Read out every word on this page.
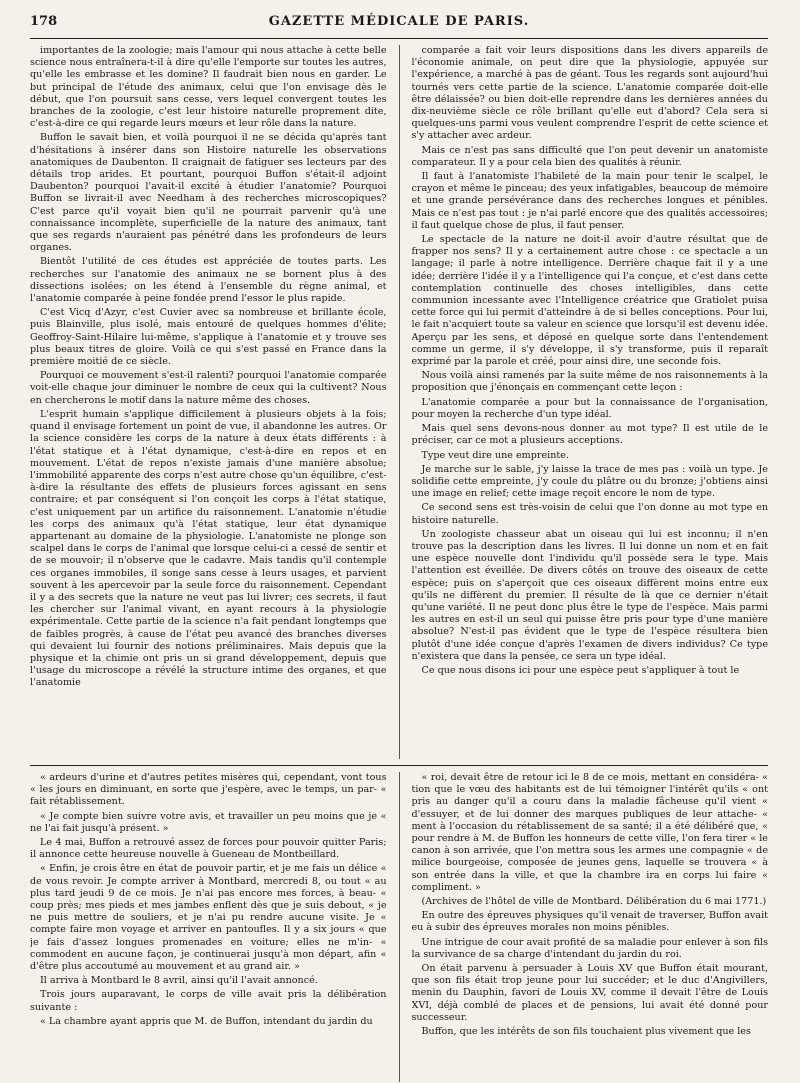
178	GAZETTE MÉDICALE DE PARIS.

importantes de la zoologie; mais l'amour qui nous attache à cette belle science nous entraînera-t-il à dire qu'elle l'emporte sur toutes les autres, qu'elle les embrasse et les domine? Il faudrait bien nous en garder. Le but principal de l'étude des animaux, celui que l'on envisage dès le début, que l'on poursuit sans cesse, vers lequel convergent toutes les branches de la zoologie, c'est leur histoire naturelle proprement dite, c'est-à-dire ce qui regarde leurs mœurs et leur rôle dans la nature.

Buffon le savait bien, et voilà pourquoi il ne se décida qu'après tant d'hésitations à insérer dans son Histoire naturelle les observations anatomiques de Daubenton. Il craignait de fatiguer ses lecteurs par des détails trop arides. Et pourtant, pourquoi Buffon s'était-il adjoint Daubenton? pourquoi l'avait-il excité à étudier l'anatomie? Pourquoi Buffon se livrait-il avec Needham à des recherches microscopiques? C'est parce qu'il voyait bien qu'il ne pourrait parvenir qu'à une connaissance incomplète, superficielle de la nature des animaux, tant que ses regards n'auraient pas pénétré dans les profondeurs de leurs organes.

Bientôt l'utilité de ces études est appréciée de toutes parts. Les recherches sur l'anatomie des animaux ne se bornent plus à des dissections isolées; on les étend à l'ensemble du règne animal, et l'anatomie comparée à peine fondée prend l'essor le plus rapide.

C'est Vicq d'Azyr, c'est Cuvier avec sa nombreuse et brillante école, puis Blainville, plus isolé, mais entouré de quelques hommes d'élite; Geoffroy-Saint-Hilaire lui-même, s'applique à l'anatomie et y trouve ses plus beaux titres de gloire. Voilà ce qui s'est passé en France dans la première moitié de ce siècle.

Pourquoi ce mouvement s'est-il ralenti? pourquoi l'anatomie comparée voit-elle chaque jour diminuer le nombre de ceux qui la cultivent? Nous en chercherons le motif dans la nature même des choses.

L'esprit humain s'applique difficilement à plusieurs objets à la fois; quand il envisage fortement un point de vue, il abandonne les autres. Or la science considère les corps de la nature à deux états différents : à l'état statique et à l'état dynamique, c'est-à-dire en repos et en mouvement. L'état de repos n'existe jamais d'une manière absolue; l'immobilité apparente des corps n'est autre chose qu'un équilibre, c'est-à-dire la résultante des effets de plusieurs forces agissant en sens contraire; et par conséquent si l'on conçoit les corps à l'état statique, c'est uniquement par un artifice du raisonnement. L'anatomie n'étudie les corps des animaux qu'à l'état statique, leur état dynamique appartenant au domaine de la physiologie. L'anatomiste ne plonge son scalpel dans le corps de l'animal que lorsque celui-ci a cessé de sentir et de se mouvoir; il n'observe que le cadavre. Mais tandis qu'il contemple ces organes immobiles, il songe sans cesse à leurs usages, et parvient souvent à les apercevoir par la seule force du raisonnement. Cependant il y a des secrets que la nature ne veut pas lui livrer; ces secrets, il faut les chercher sur l'animal vivant, en ayant recours à la physiologie expérimentale. Cette partie de la science n'a fait pendant longtemps que de faibles progrès, à cause de l'état peu avancé des branches diverses qui devaient lui fournir des notions préliminaires. Mais depuis que la physique et la chimie ont pris un si grand développement, depuis que l'usage du microscope a révélé la structure intime des organes, et que l'anatomie

comparée a fait voir leurs dispositions dans les divers appareils de l'économie animale, on peut dire que la physiologie, appuyée sur l'expérience, a marché à pas de géant. Tous les regards sont aujourd'hui tournés vers cette partie de la science. L'anatomie comparée doit-elle être délaissée? ou bien doit-elle reprendre dans les dernières années du dix-neuvième siècle ce rôle brillant qu'elle eut d'abord? Cela sera si quelques-uns parmi vous veulent comprendre l'esprit de cette science et s'y attacher avec ardeur.

Mais ce n'est pas sans difficulté que l'on peut devenir un anatomiste comparateur. Il y a pour cela bien des qualités à réunir.

Il faut à l'anatomiste l'habileté de la main pour tenir le scalpel, le crayon et même le pinceau; des yeux infatigables, beaucoup de mémoire et une grande persévérance dans des recherches longues et pénibles. Mais ce n'est pas tout : je n'ai parlé encore que des qualités accessoires; il faut quelque chose de plus, il faut penser.

Le spectacle de la nature ne doit-il avoir d'autre résultat que de frapper nos sens? Il y a certainement autre chose : ce spectacle a un langage; il parle à notre intelligence. Derrière chaque fait il y a une idée; derrière l'idée il y a l'intelligence qui l'a conçue, et c'est dans cette contemplation continuelle des choses intelligibles, dans cette communion incessante avec l'Intelligence créatrice que Gratiolet puisa cette force qui lui permit d'atteindre à de si belles conceptions. Pour lui, le fait n'acquiert toute sa valeur en science que lorsqu'il est devenu idée. Aperçu par les sens, et déposé en quelque sorte dans l'entendement comme un germe, il s'y développe, il s'y transforme, puis il reparaît exprimé par la parole et créé, pour ainsi dire, une seconde fois.

Nous voilà ainsi ramenés par la suite même de nos raisonnements à la proposition que j'énonçais en commençant cette leçon :

L'anatomie comparée a pour but la connaissance de l'organisation, pour moyen la recherche d'un type idéal.

Mais quel sens devons-nous donner au mot type? Il est utile de le préciser, car ce mot a plusieurs acceptions.

Type veut dire une empreinte.

Je marche sur le sable, j'y laisse la trace de mes pas : voilà un type. Je solidifie cette empreinte, j'y coule du plâtre ou du bronze; j'obtiens ainsi une image en relief; cette image reçoit encore le nom de type.

Ce second sens est très-voisin de celui que l'on donne au mot type en histoire naturelle.

Un zoologiste chasseur abat un oiseau qui lui est inconnu; il n'en trouve pas la description dans les livres. Il lui donne un nom et en fait une espèce nouvelle dont l'individu qu'il possède sera le type. Mais l'attention est éveillée. De divers côtés on trouve des oiseaux de cette espèce; puis on s'aperçoit que ces oiseaux diffèrent moins entre eux qu'ils ne diffèrent du premier. Il résulte de là que ce dernier n'était qu'une variété. Il ne peut donc plus être le type de l'espèce. Mais parmi les autres en est-il un seul qui puisse être pris pour type d'une manière absolue? N'est-il pas évident que le type de l'espèce résultera bien plutôt d'une idée conçue d'après l'examen de divers individus? Ce type n'existera que dans la pensée, ce sera un type idéal.

Ce que nous disons ici pour une espèce peut s'appliquer à tout le

« ardeurs d'urine et d'autres petites misères qui, cependant, vont tous « les jours en diminuant, en sorte que j'espère, avec le temps, un par- « fait rétablissement.

« Je compte bien suivre votre avis, et travailler un peu moins que je « ne l'ai fait jusqu'à présent. »

Le 4 mai, Buffon a retrouvé assez de forces pour pouvoir quitter Paris; il annonce cette heureuse nouvelle à Gueneau de Montbeillard.

« Enfin, je crois être en état de pouvoir partir, et je me fais un délice « de vous revoir. Je compte arriver à Montbard, mercredi 8, ou tout « au plus tard jeudi 9 de ce mois. Je n'ai pas encore mes forces, à beau- « coup près; mes pieds et mes jambes enflent dès que je suis debout, « je ne puis mettre de souliers, et je n'ai pu rendre aucune visite. Je « compte faire mon voyage et arriver en pantoufles. Il y a six jours « que je fais d'assez longues promenades en voiture; elles ne m'in- « commodent en aucune façon, je continuerai jusqu'à mon départ, afin « d'être plus accoutumé au mouvement et au grand air. »

Il arriva à Montbard le 8 avril, ainsi qu'il l'avait annoncé.

Trois jours auparavant, le corps de ville avait pris la délibération suivante :

« La chambre ayant appris que M. de Buffon, intendant du jardin du

« roi, devait être de retour ici le 8 de ce mois, mettant en considéra- « tion que le vœu des habitants est de lui témoigner l'intérêt qu'ils « ont pris au danger qu'il a couru dans la maladie fâcheuse qu'il vient « d'essuyer, et de lui donner des marques publiques de leur attache- « ment à l'occasion du rétablissement de sa santé; il a été délibéré que, « pour rendre à M. de Buffon les honneurs de cette ville, l'on fera tirer « le canon à son arrivée, que l'on mettra sous les armes une compagnie « de milice bourgeoise, composée de jeunes gens, laquelle se trouvera « à son entrée dans la ville, et que la chambre ira en corps lui faire « compliment. »

(Archives de l'hôtel de ville de Montbard. Délibération du 6 mai 1771.)

En outre des épreuves physiques qu'il venait de traverser, Buffon avait eu à subir des épreuves morales non moins pénibles.

Une intrigue de cour avait profité de sa maladie pour enlever à son fils la survivance de sa charge d'intendant du jardin du roi.

On était parvenu à persuader à Louis XV que Buffon était mourant, que son fils était trop jeune pour lui succéder; et le duc d'Angivillers, menin du Dauphin, favori de Louis XV, comme il devait l'être de Louis XVI, déjà comblé de places et de pensions, lui avait été donné pour successeur.

Buffon, que les intérêts de son fils touchaient plus vivement que les
